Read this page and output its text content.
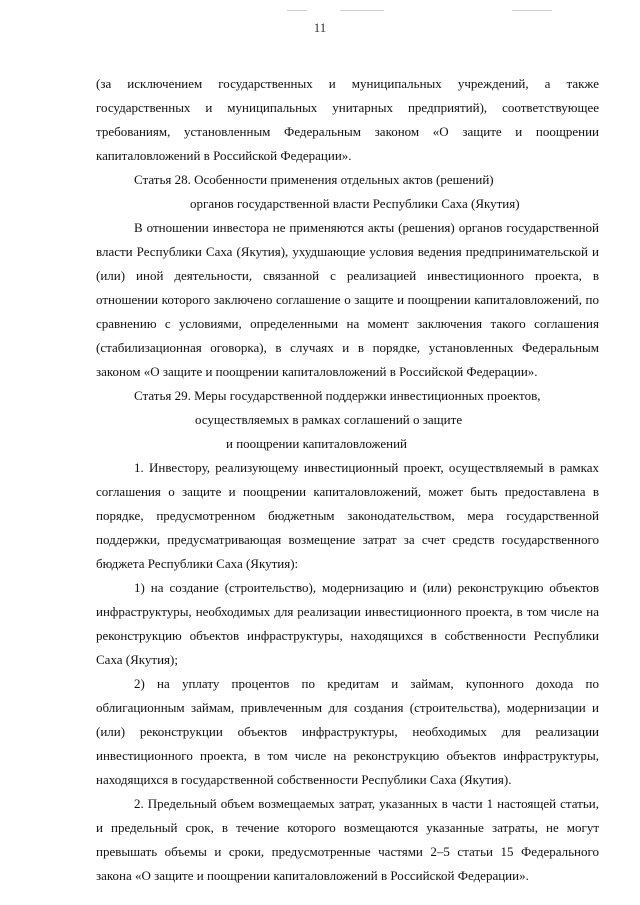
11

(за исключением государственных и муниципальных учреждений, а также государственных и муниципальных унитарных предприятий), соответствующее требованиям, установленным Федеральным законом «О защите и поощрении капиталовложений в Российской Федерации».

Статья 28. Особенности применения отдельных актов (решений)
органов государственной власти Республики Саха (Якутия)

В отношении инвестора не применяются акты (решения) органов государственной власти Республики Саха (Якутия), ухудшающие условия ведения предпринимательской и (или) иной деятельности, связанной с реализацией инвестиционного проекта, в отношении которого заключено соглашение о защите и поощрении капиталовложений, по сравнению с условиями, определенными на момент заключения такого соглашения (стабилизационная оговорка), в случаях и в порядке, установленных Федеральным законом «О защите и поощрении капиталовложений в Российской Федерации».

Статья 29. Меры государственной поддержки инвестиционных проектов,
осуществляемых в рамках соглашений о защите
и поощрении капиталовложений

1. Инвестору, реализующему инвестиционный проект, осуществляемый в рамках соглашения о защите и поощрении капиталовложений, может быть предоставлена в порядке, предусмотренном бюджетным законодательством, мера государственной поддержки, предусматривающая возмещение затрат за счет средств государственного бюджета Республики Саха (Якутия):

1) на создание (строительство), модернизацию и (или) реконструкцию объектов инфраструктуры, необходимых для реализации инвестиционного проекта, в том числе на реконструкцию объектов инфраструктуры, находящихся в собственности Республики Саха (Якутия);

2) на уплату процентов по кредитам и займам, купонного дохода по облигационным займам, привлеченным для создания (строительства), модернизации и (или) реконструкции объектов инфраструктуры, необходимых для реализации инвестиционного проекта, в том числе на реконструкцию объектов инфраструктуры, находящихся в государственной собственности Республики Саха (Якутия).

2. Предельный объем возмещаемых затрат, указанных в части 1 настоящей статьи, и предельный срок, в течение которого возмещаются указанные затраты, не могут превышать объемы и сроки, предусмотренные частями 2–5 статьи 15 Федерального закона «О защите и поощрении капиталовложений в Российской Федерации».
